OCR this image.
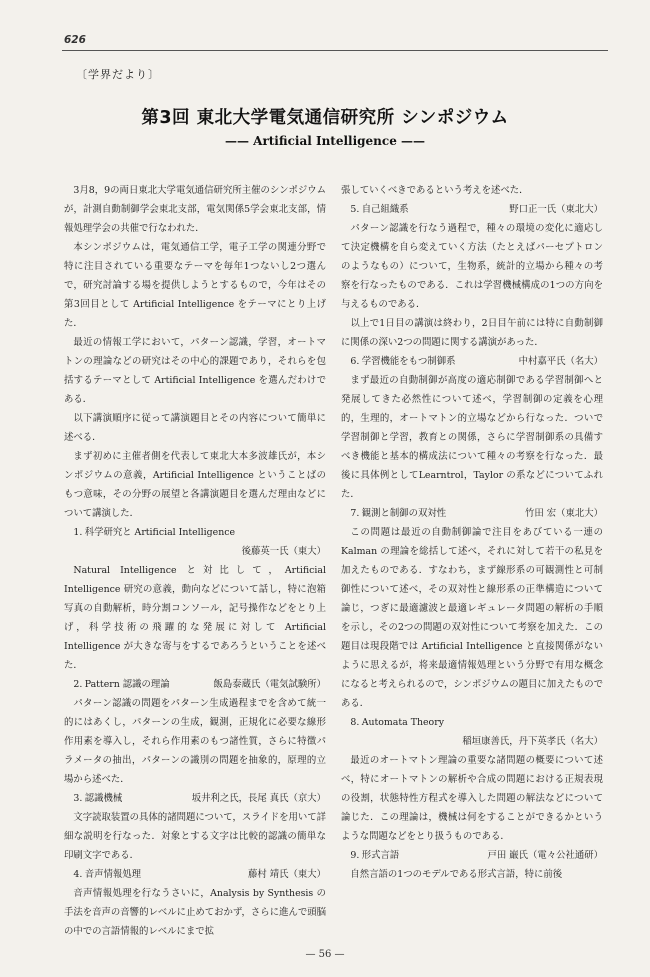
626
〔学界だより〕
第3回 東北大学電気通信研究所 シンポジウム
—— Artificial Intelligence ——

3月8，9の両日東北大学電気通信研究所主催のシンポジウムが，計測自動制御学会東北支部，電気関係5学会東北支部，情報処理学会の共催で行なわれた．

本シンポジウムは，電気通信工学，電子工学の関連分野で特に注目されている重要なテーマを毎年1つないし2つ選んで，研究討論する場を提供しようとするもので，今年はその第3回目として Artificial Intelligence をテーマにとり上げた．

最近の情報工学において，パターン認識，学習，オートマトンの理論などの研究はその中心的課題であり，それらを包括するテーマとして Artificial Intelligence を選んだわけである．

以下講演順序に従って講演題目とその内容について簡単に述べる．

まず初めに主催者側を代表して東北大本多波雄氏が，本シンポジウムの意義，Artificial Intelligence ということばのもつ意味，その分野の展望と各講演題目を選んだ理由などについて講演した．

1. 科学研究と Artificial Intelligence
後藤英一氏（東大）

Natural Intelligence と対比して，Artificial Intelligence 研究の意義，動向などについて話し，特に泡箱写真の自動解析，時分割コンソール，記号操作などをとり上げ，科学技術の飛躍的な発展に対して Artificial Intelligence が大きな寄与をするであろうということを述べた．

2. Pattern 認識の理論	飯島泰蔵氏（電気試験所）

パターン認識の問題をパターン生成過程までを含めて統一的にはあくし，パターンの生成，観測，正規化に必要な線形作用素を導入し，それら作用素のもつ諸性質，さらに特徴パラメータの抽出，パターンの識別の問題を抽象的，原理的立場から述べた．

3. 認識機械	坂井利之氏，長尾 真氏（京大）

文字読取装置の具体的諸問題について，スライドを用いて詳細な説明を行なった．対象とする文字は比較的認識の簡単な印刷文字である．

4. 音声情報処理	藤村 靖氏（東大）

音声情報処理を行なうさいに，Analysis by Synthesis の手法を音声の音響的レベルに止めておかず，さらに進んで頭脳の中での言語情報的レベルにまで拡

張していくべきであるという考えを述べた．

5. 自己組織系	野口正一氏（東北大）

パターン認識を行なう過程で，種々の環境の変化に適応して決定機構を自ら変えていく方法（たとえばパーセプトロンのようなもの）について，生物系，統計的立場から種々の考察を行なったものである．これは学習機械構成の1つの方向を与えるものである．

以上で1日目の講演は終わり，2日目午前には特に自動制御に関係の深い2つの問題に関する講演があった．

6. 学習機能をもつ制御系	中村嘉平氏（名大）

まず最近の自動制御が高度の適応制御である学習制御へと発展してきた必然性について述べ，学習制御の定義を心理的，生理的，オートマトン的立場などから行なった．ついで学習制御と学習，教育との関係，さらに学習制御系の具備すべき機能と基本的構成法について種々の考察を行なった．最後に具体例としてLearntrol，Taylor の系などについてふれた．

7. 観測と制御の双対性	竹田 宏（東北大）

この問題は最近の自動制御論で注目をあびている一連の Kalman の理論を総括して述べ，それに対して若干の私見を加えたものである．すなわち，まず線形系の可観測性と可制御性について述べ，その双対性と線形系の正準構造について論じ，つぎに最適濾波と最適レギュレータ問題の解析の手順を示し，その2つの問題の双対性について考察を加えた．この題目は現段階では Artificial Intelligence と直接関係がないように思えるが，将来最適情報処理という分野で有用な概念になると考えられるので，シンポジウムの題目に加えたものである．

8. Automata Theory
稲垣康善氏，丹下英孝氏（名大）

最近のオートマトン理論の重要な諸問題の概要について述べ，特にオートマトンの解析や合成の問題における正規表現の役割，状態特性方程式を導入した問題の解法などについて論じた．この理論は，機械は何をすることができるかというような問題などをとり扱うものである．

9. 形式言語	戸田 巌氏（電々公社通研）

自然言語の1つのモデルである形式言語，特に前後

— 56 —
